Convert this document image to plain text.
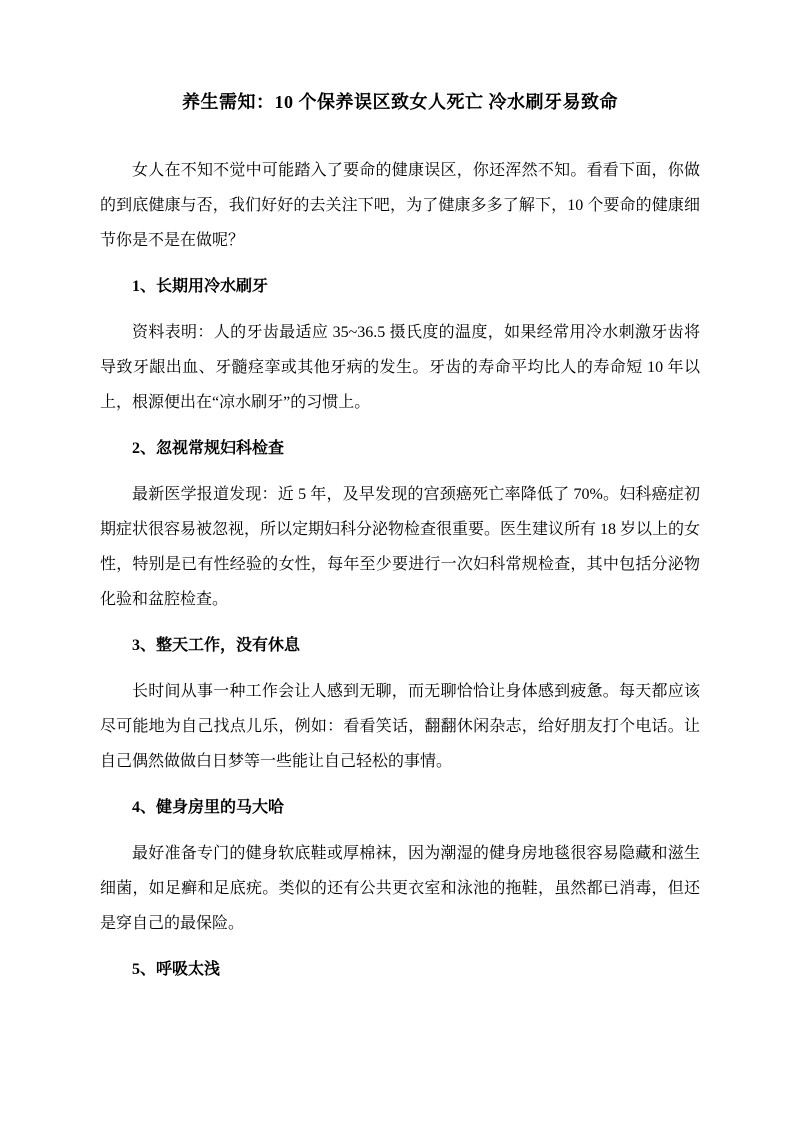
养生需知：10 个保养误区致女人死亡 冷水刷牙易致命

女人在不知不觉中可能踏入了要命的健康误区，你还浑然不知。看看下面，你做的到底健康与否，我们好好的去关注下吧，为了健康多多了解下，10 个要命的健康细节你是不是在做呢？

1、长期用冷水刷牙

资料表明：人的牙齿最适应 35~36.5 摄氏度的温度，如果经常用冷水刺激牙齿将导致牙龈出血、牙髓痉挛或其他牙病的发生。牙齿的寿命平均比人的寿命短 10 年以上，根源便出在“凉水刷牙”的习惯上。

2、忽视常规妇科检查

最新医学报道发现：近 5 年，及早发现的宫颈癌死亡率降低了 70%。妇科癌症初期症状很容易被忽视，所以定期妇科分泌物检查很重要。医生建议所有 18 岁以上的女性，特别是已有性经验的女性，每年至少要进行一次妇科常规检查，其中包括分泌物化验和盆腔检查。

3、整天工作，没有休息

长时间从事一种工作会让人感到无聊，而无聊恰恰让身体感到疲惫。每天都应该尽可能地为自己找点儿乐，例如：看看笑话，翻翻休闲杂志，给好朋友打个电话。让自己偶然做做白日梦等一些能让自己轻松的事情。

4、健身房里的马大哈

最好准备专门的健身软底鞋或厚棉袜，因为潮湿的健身房地毯很容易隐藏和滋生细菌，如足癣和足底疣。类似的还有公共更衣室和泳池的拖鞋，虽然都已消毒，但还是穿自己的最保险。

5、呼吸太浅
